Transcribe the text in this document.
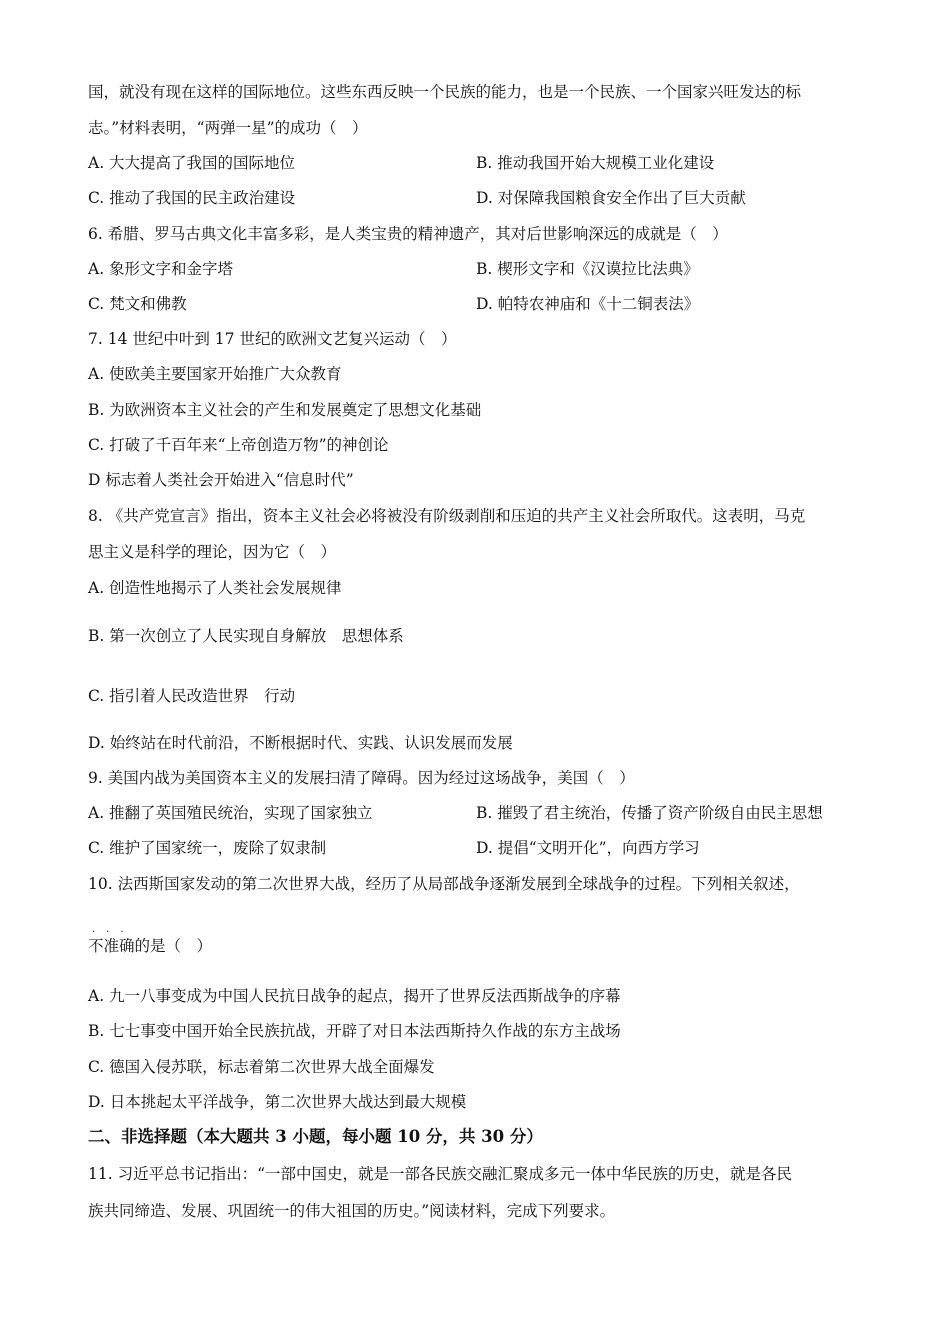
国，就没有现在这样的国际地位。这些东西反映一个民族的能力，也是一个民族、一个国家兴旺发达的标
志。”材料表明，“两弹一星”的成功（　）
A. 大大提高了我国的国际地位	B. 推动我国开始大规模工业化建设
C. 推动了我国的民主政治建设	D. 对保障我国粮食安全作出了巨大贡献
6. 希腊、罗马古典文化丰富多彩，是人类宝贵的精神遗产，其对后世影响深远的成就是（　）
A. 象形文字和金字塔	B. 楔形文字和《汉谟拉比法典》
C. 梵文和佛教	D. 帕特农神庙和《十二铜表法》
7. 14 世纪中叶到 17 世纪的欧洲文艺复兴运动（　）
A. 使欧美主要国家开始推广大众教育
B. 为欧洲资本主义社会的产生和发展奠定了思想文化基础
C. 打破了千百年来“上帝创造万物”的神创论
D 标志着人类社会开始进入“信息时代”
8. 《共产党宣言》指出，资本主义社会必将被没有阶级剥削和压迫的共产主义社会所取代。这表明，马克
思主义是科学的理论，因为它（　）
A. 创造性地揭示了人类社会发展规律
B. 第一次创立了人民实现自身解放　思想体系
C. 指引着人民改造世界　行动
D. 始终站在时代前沿，不断根据时代、实践、认识发展而发展
9. 美国内战为美国资本主义的发展扫清了障碍。因为经过这场战争，美国（　）
A. 推翻了英国殖民统治，实现了国家独立	B. 摧毁了君主统治，传播了资产阶级自由民主思想
C. 维护了国家统一，废除了奴隶制	D. 提倡“文明开化”，向西方学习
10. 法西斯国家发动的第二次世界大战，经历了从局部战争逐渐发展到全球战争的过程。下列相关叙述，
···
不准确的是（　）
A. 九一八事变成为中国人民抗日战争的起点，揭开了世界反法西斯战争的序幕
B. 七七事变中国开始全民族抗战，开辟了对日本法西斯持久作战的东方主战场
C. 德国入侵苏联，标志着第二次世界大战全面爆发
D. 日本挑起太平洋战争，第二次世界大战达到最大规模
二、非选择题（本大题共 3 小题，每小题 10 分，共 30 分）
11. 习近平总书记指出：“一部中国史，就是一部各民族交融汇聚成多元一体中华民族的历史，就是各民
族共同缔造、发展、巩固统一的伟大祖国的历史。”阅读材料，完成下列要求。
